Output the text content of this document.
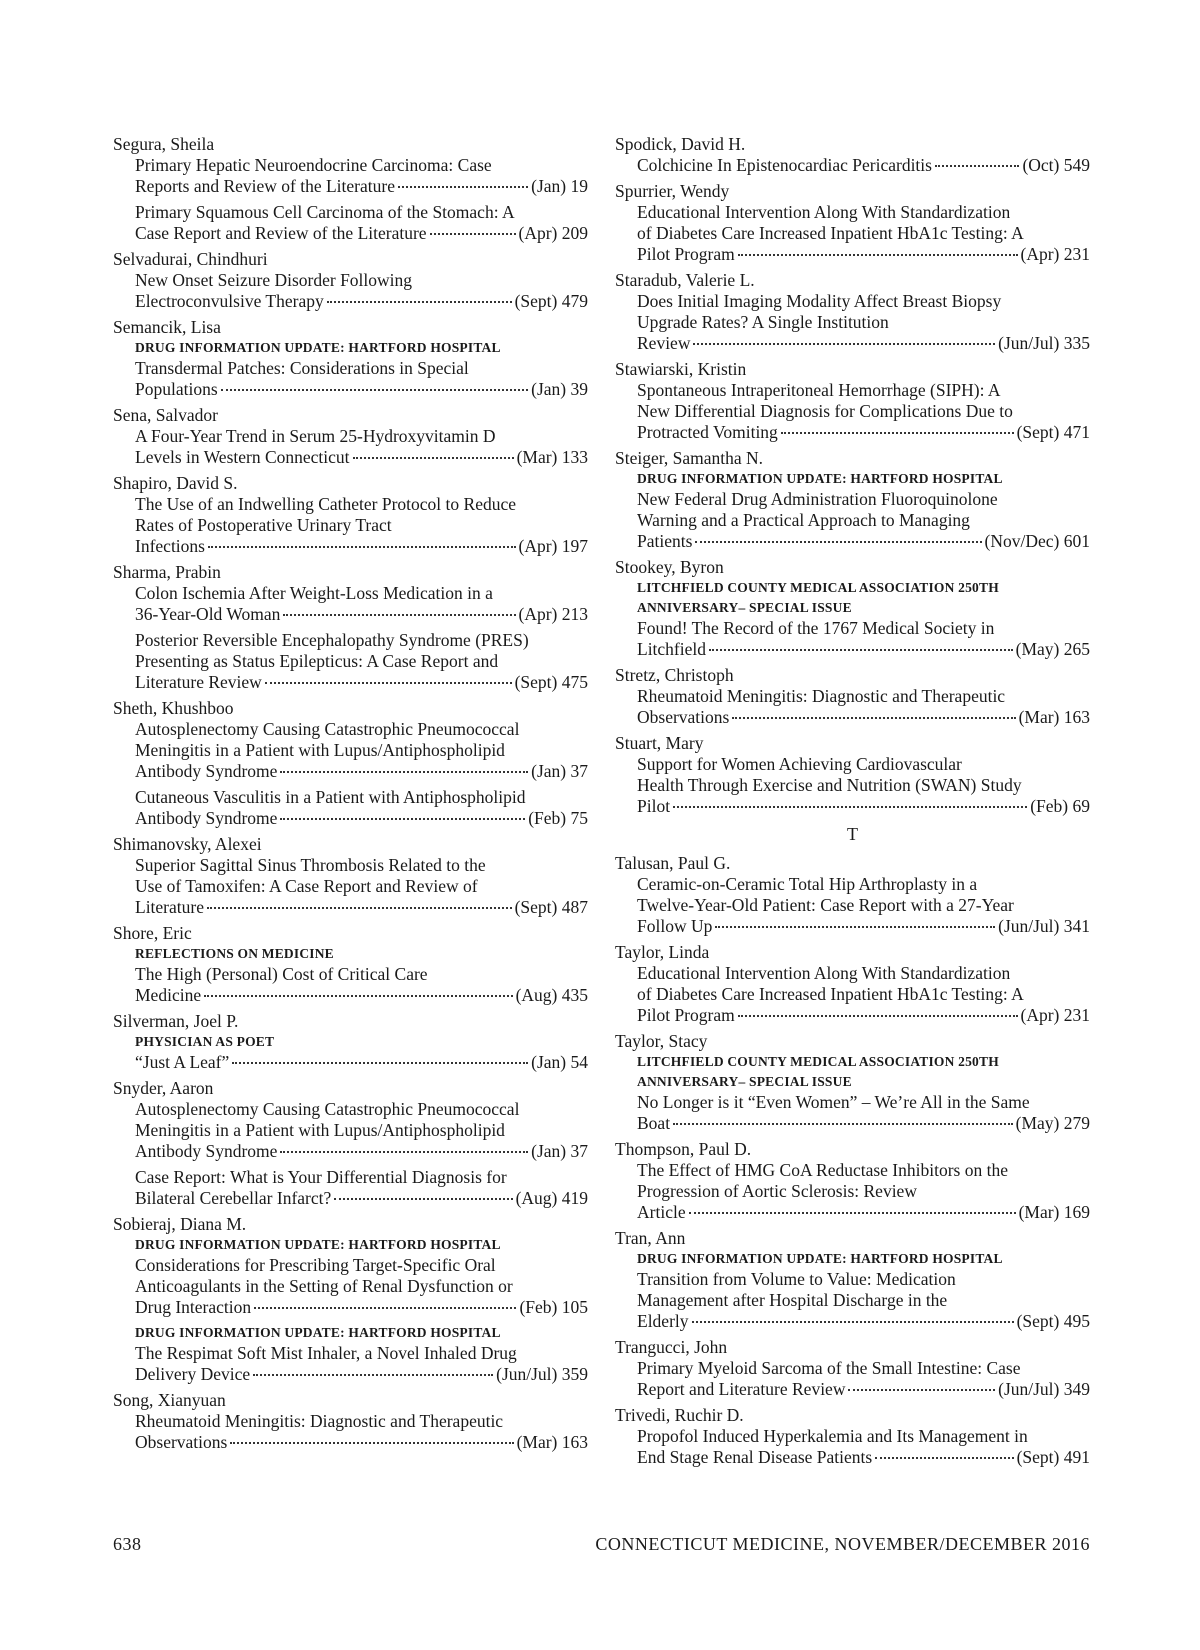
Segura, Sheila
Primary Hepatic Neuroendocrine Carcinoma: Case
Reports and Review of the Literature	(Jan) 19
Primary Squamous Cell Carcinoma of the Stomach: A
Case Report and Review of the Literature	(Apr) 209
Selvadurai, Chindhuri
New Onset Seizure Disorder Following
Electroconvulsive Therapy	(Sept) 479
Semancik, Lisa
DRUG INFORMATION UPDATE: HARTFORD HOSPITAL
Transdermal Patches: Considerations in Special
Populations	(Jan) 39
Sena, Salvador
A Four-Year Trend in Serum 25-Hydroxyvitamin D
Levels in Western Connecticut	(Mar) 133
Shapiro, David S.
The Use of an Indwelling Catheter Protocol to Reduce
Rates of Postoperative Urinary Tract
Infections	(Apr) 197
Sharma, Prabin
Colon Ischemia After Weight-Loss Medication in a
36-Year-Old Woman	(Apr) 213
Posterior Reversible Encephalopathy Syndrome (PRES)
Presenting as Status Epilepticus: A Case Report and
Literature Review	(Sept) 475
Sheth, Khushboo
Autosplenectomy Causing Catastrophic Pneumococcal
Meningitis in a Patient with Lupus/Antiphospholipid
Antibody Syndrome	(Jan) 37
Cutaneous Vasculitis in a Patient with Antiphospholipid
Antibody Syndrome	(Feb) 75
Shimanovsky, Alexei
Superior Sagittal Sinus Thrombosis Related to the
Use of Tamoxifen: A Case Report and Review of
Literature	(Sept) 487
Shore, Eric
REFLECTIONS ON MEDICINE
The High (Personal) Cost of Critical Care
Medicine	(Aug) 435
Silverman, Joel P.
PHYSICIAN AS POET
“Just A Leaf”	(Jan) 54
Snyder, Aaron
Autosplenectomy Causing Catastrophic Pneumococcal
Meningitis in a Patient with Lupus/Antiphospholipid
Antibody Syndrome	(Jan) 37
Case Report: What is Your Differential Diagnosis for
Bilateral Cerebellar Infarct?	(Aug) 419
Sobieraj, Diana M.
DRUG INFORMATION UPDATE: HARTFORD HOSPITAL
Considerations for Prescribing Target-Specific Oral
Anticoagulants in the Setting of Renal Dysfunction or
Drug Interaction	(Feb) 105
DRUG INFORMATION UPDATE: HARTFORD HOSPITAL
The Respimat Soft Mist Inhaler, a Novel Inhaled Drug
Delivery Device	(Jun/Jul) 359
Song, Xianyuan
Rheumatoid Meningitis: Diagnostic and Therapeutic
Observations	(Mar) 163
Spodick, David H.
Colchicine In Epistenocardiac Pericarditis	(Oct) 549
Spurrier, Wendy
Educational Intervention Along With Standardization
of Diabetes Care Increased Inpatient HbA1c Testing: A
Pilot Program	(Apr) 231
Staradub, Valerie L.
Does Initial Imaging Modality Affect Breast Biopsy
Upgrade Rates? A Single Institution
Review	(Jun/Jul) 335
Stawiarski, Kristin
Spontaneous Intraperitoneal Hemorrhage (SIPH): A
New Differential Diagnosis for Complications Due to
Protracted Vomiting	(Sept) 471
Steiger, Samantha N.
DRUG INFORMATION UPDATE: HARTFORD HOSPITAL
New Federal Drug Administration Fluoroquinolone
Warning and a Practical Approach to Managing
Patients	(Nov/Dec) 601
Stookey, Byron
LITCHFIELD COUNTY MEDICAL ASSOCIATION 250TH
ANNIVERSARY– SPECIAL ISSUE
Found! The Record of the 1767 Medical Society in
Litchfield	(May) 265
Stretz, Christoph
Rheumatoid Meningitis: Diagnostic and Therapeutic
Observations	(Mar) 163
Stuart, Mary
Support for Women Achieving Cardiovascular
Health Through Exercise and Nutrition (SWAN) Study
Pilot	(Feb) 69
T
Talusan, Paul G.
Ceramic-on-Ceramic Total Hip Arthroplasty in a
Twelve-Year-Old Patient: Case Report with a 27-Year
Follow Up	(Jun/Jul) 341
Taylor, Linda
Educational Intervention Along With Standardization
of Diabetes Care Increased Inpatient HbA1c Testing: A
Pilot Program	(Apr) 231
Taylor, Stacy
LITCHFIELD COUNTY MEDICAL ASSOCIATION 250TH
ANNIVERSARY– SPECIAL ISSUE
No Longer is it “Even Women” – We’re All in the Same
Boat	(May) 279
Thompson, Paul D.
The Effect of HMG CoA Reductase Inhibitors on the
Progression of Aortic Sclerosis: Review
Article	(Mar) 169
Tran, Ann
DRUG INFORMATION UPDATE: HARTFORD HOSPITAL
Transition from Volume to Value: Medication
Management after Hospital Discharge in the
Elderly	(Sept) 495
Trangucci, John
Primary Myeloid Sarcoma of the Small Intestine: Case
Report and Literature Review	(Jun/Jul) 349
Trivedi, Ruchir D.
Propofol Induced Hyperkalemia and Its Management in
End Stage Renal Disease Patients	(Sept) 491
638	CONNECTICUT MEDICINE, NOVEMBER/DECEMBER 2016
